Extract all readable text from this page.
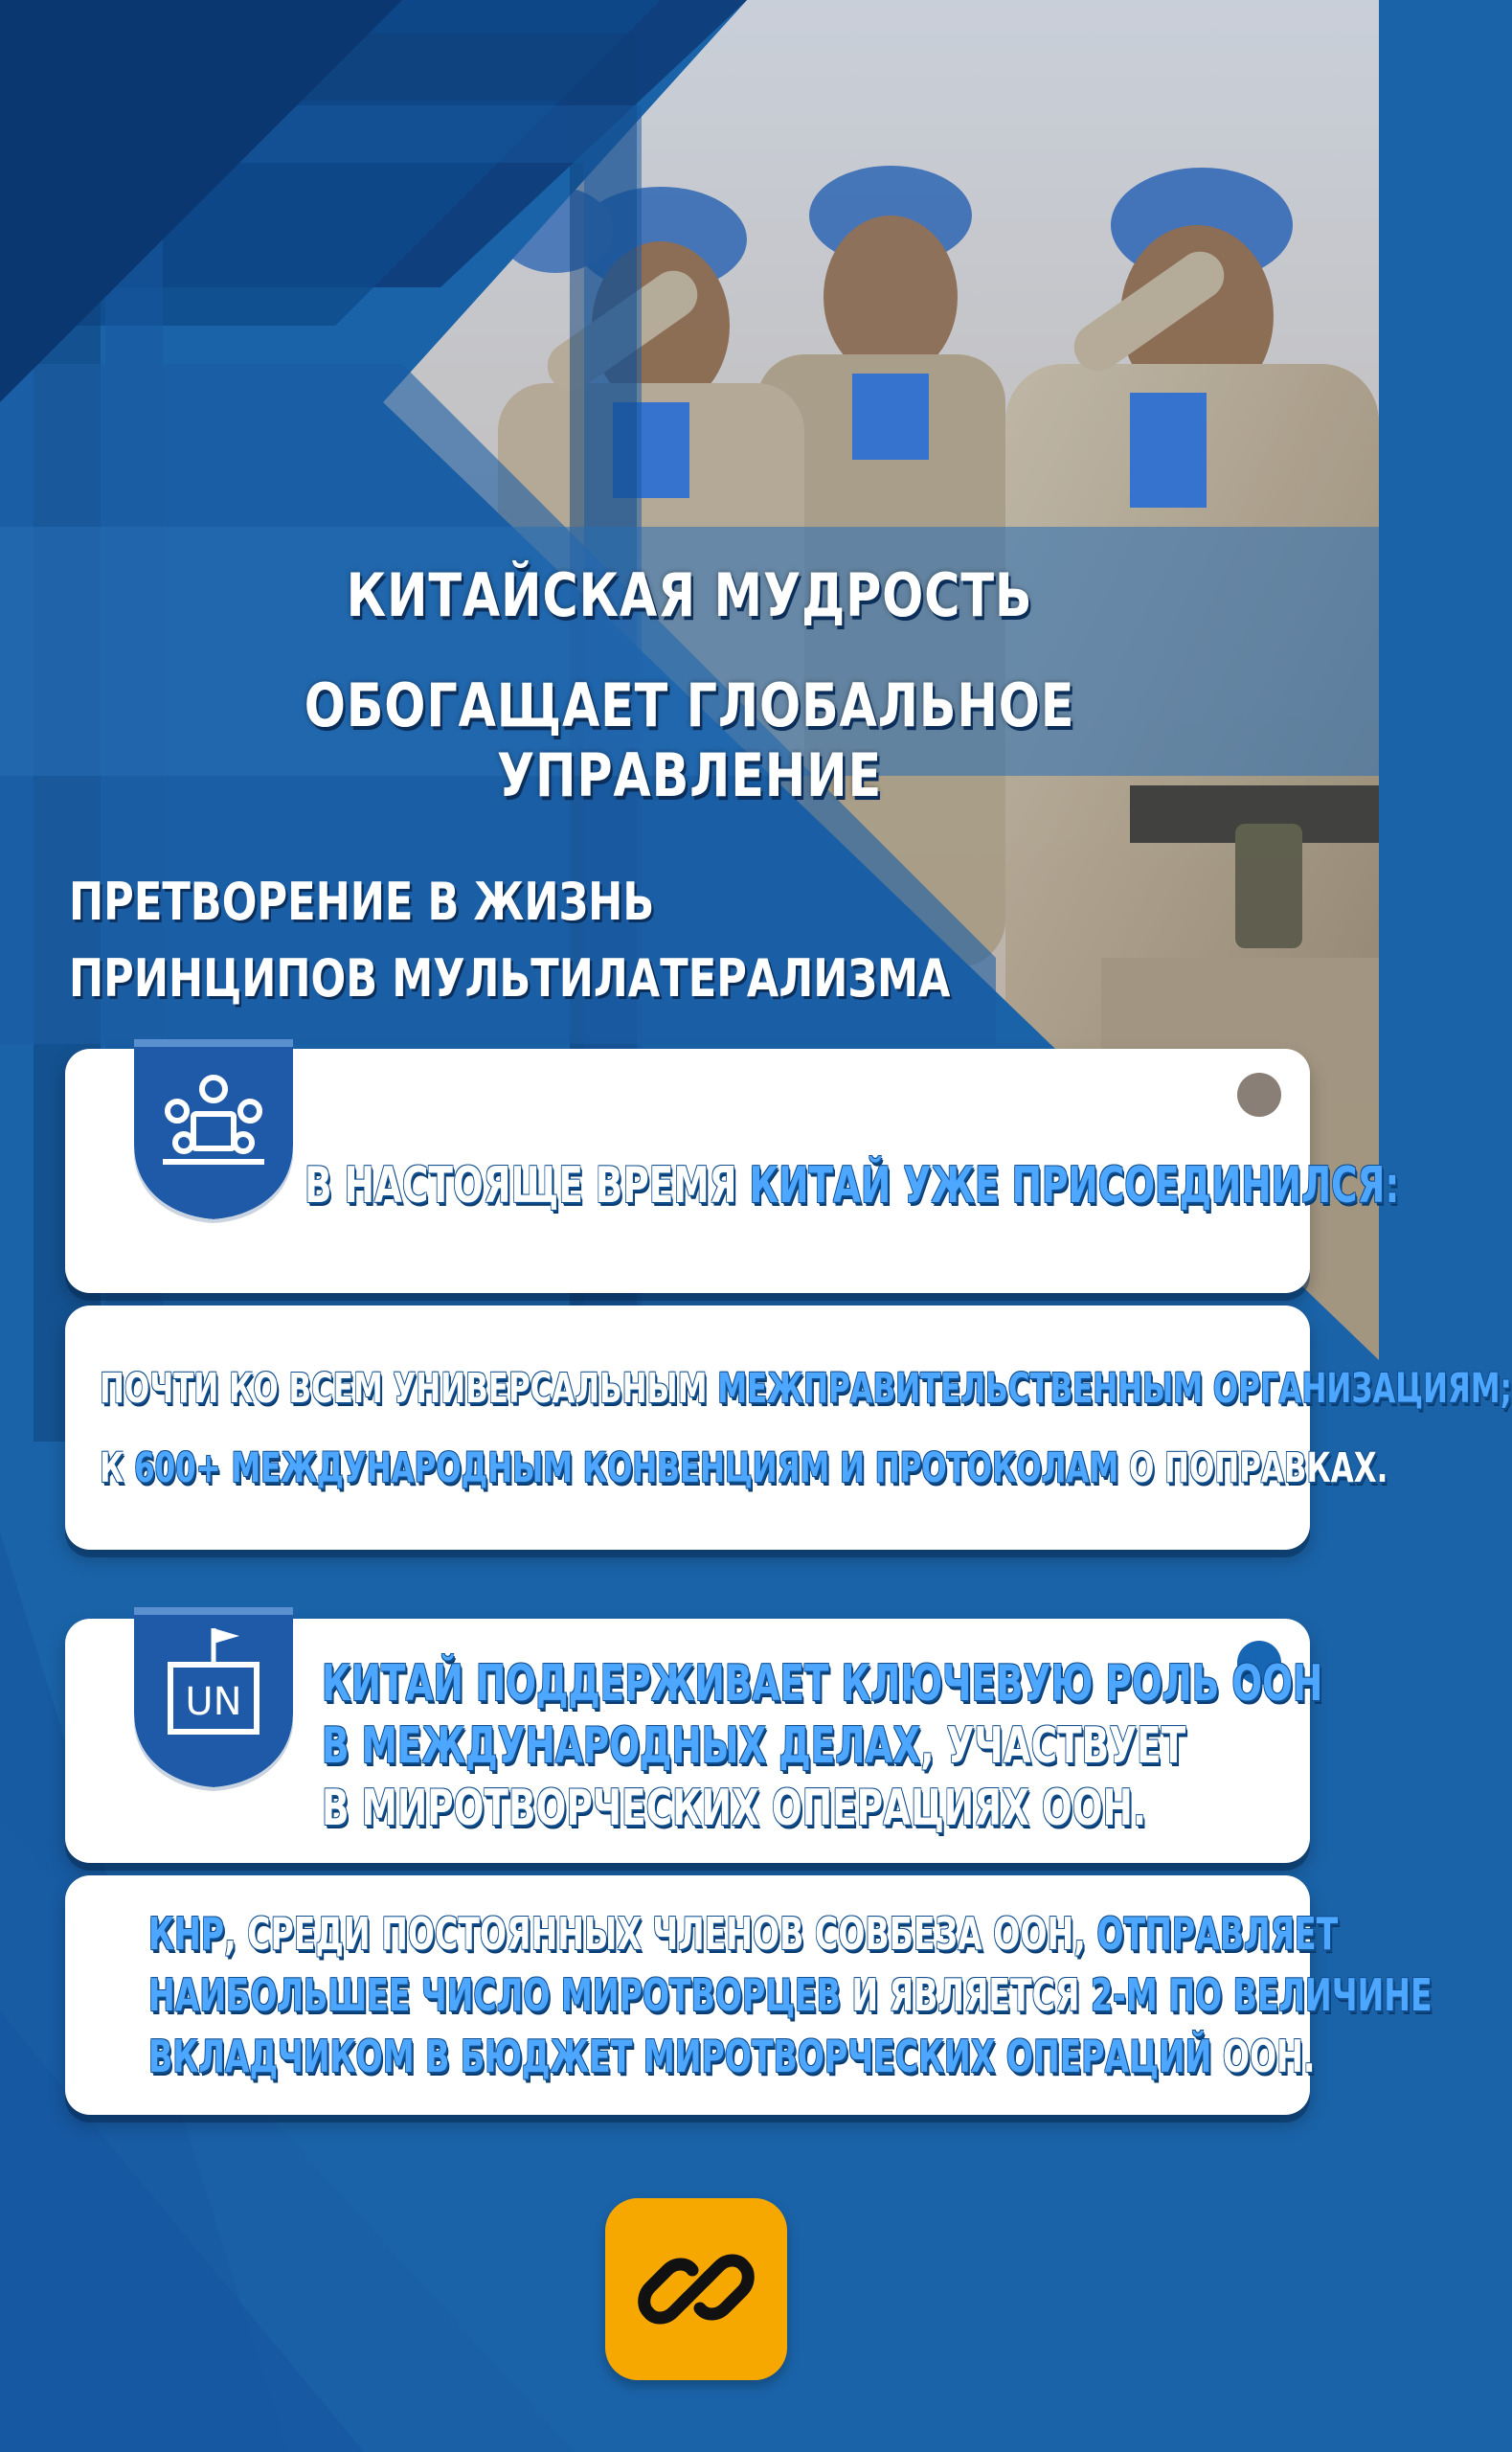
КИТАЙСКАЯ МУДРОСТЬ
ОБОГАЩАЕТ ГЛОБАЛЬНОЕ УПРАВЛЕНИЕ
ПРЕТВОРЕНИЕ В ЖИЗНЬ
ПРИНЦИПОВ МУЛЬТИЛАТЕРАЛИЗМА
В НАСТОЯЩЕ ВРЕМЯ КИТАЙ УЖЕ ПРИСОЕДИНИЛСЯ:
ПОЧТИ КО ВСЕМ УНИВЕРСАЛЬНЫМ МЕЖПРАВИТЕЛЬСТВЕННЫМ ОРГАНИЗАЦИЯМ;
К 600+ МЕЖДУНАРОДНЫМ КОНВЕНЦИЯМ И ПРОТОКОЛАМ О ПОПРАВКАХ.
UN КИТАЙ ПОДДЕРЖИВАЕТ КЛЮЧЕВУЮ РОЛЬ ООН
В МЕЖДУНАРОДНЫХ ДЕЛАХ, УЧАСТВУЕТ
В МИРОТВОРЧЕСКИХ ОПЕРАЦИЯХ ООН.
КНР, СРЕДИ ПОСТОЯННЫХ ЧЛЕНОВ СОВБЕЗА ООН, ОТПРАВЛЯЕТ
НАИБОЛЬШЕЕ ЧИСЛО МИРОТВОРЦЕВ И ЯВЛЯЕТСЯ 2-М ПО ВЕЛИЧИНЕ
ВКЛАДЧИКОМ В БЮДЖЕТ МИРОТВОРЧЕСКИХ ОПЕРАЦИЙ ООН.
